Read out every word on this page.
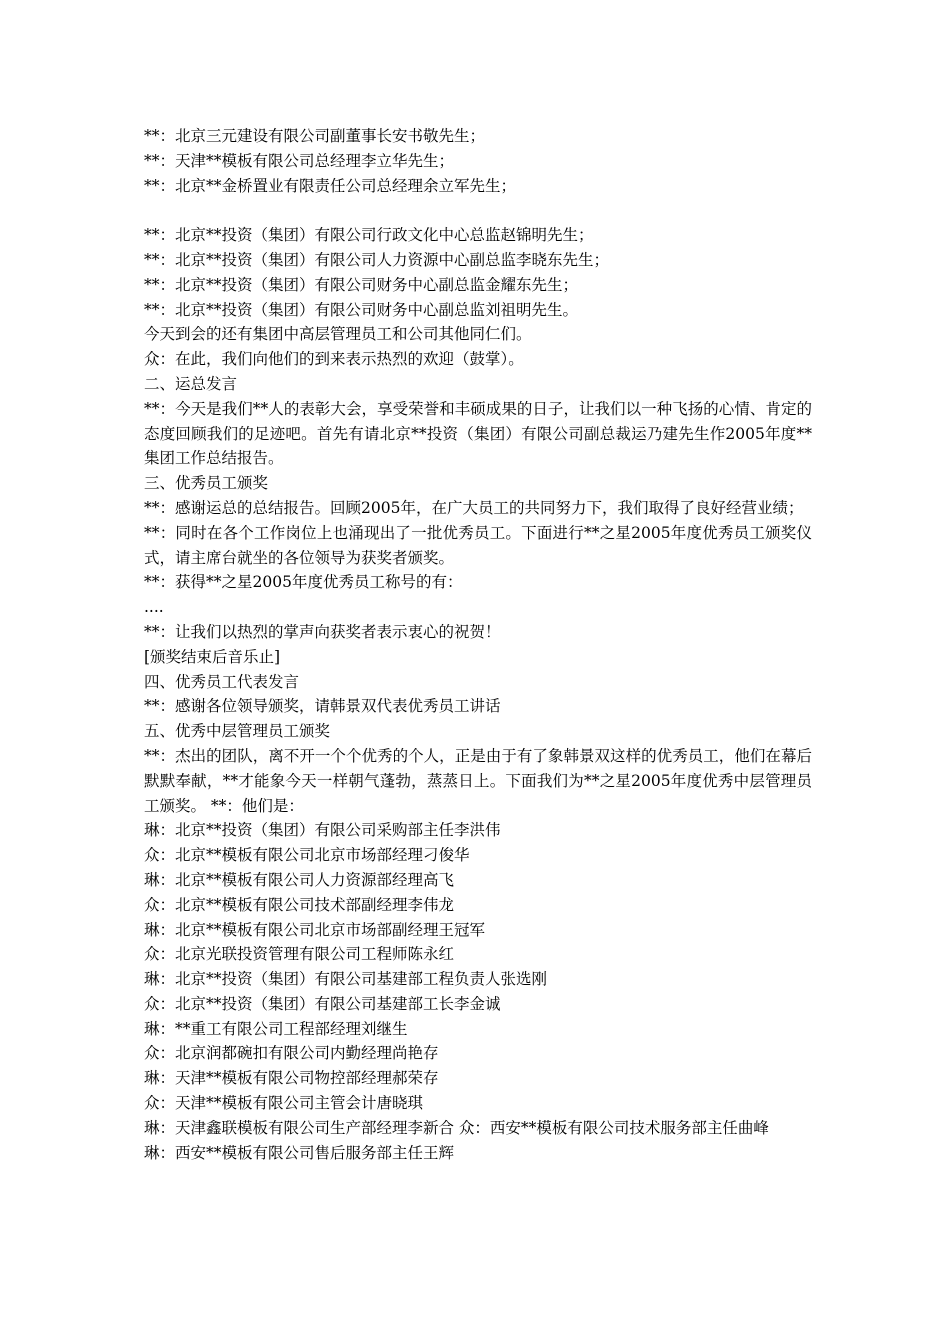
**：北京三元建设有限公司副董事长安书敬先生；

**：天津**模板有限公司总经理李立华先生；

**：北京**金桥置业有限责任公司总经理余立军先生；

**：北京**投资（集团）有限公司行政文化中心总监赵锦明先生；

**：北京**投资（集团）有限公司人力资源中心副总监李晓东先生；

**：北京**投资（集团）有限公司财务中心副总监金耀东先生；

**：北京**投资（集团）有限公司财务中心副总监刘祖明先生。

今天到会的还有集团中高层管理员工和公司其他同仁们。

众：在此，我们向他们的到来表示热烈的欢迎（鼓掌）。

二、运总发言

**：今天是我们**人的表彰大会，享受荣誉和丰硕成果的日子，让我们以一种飞扬的心情、肯定的态度回顾我们的足迹吧。首先有请北京**投资（集团）有限公司副总裁运乃建先生作2005年度**集团工作总结报告。

三、优秀员工颁奖

**：感谢运总的总结报告。回顾2005年，在广大员工的共同努力下，我们取得了良好经营业绩；

**：同时在各个工作岗位上也涌现出了一批优秀员工。下面进行**之星2005年度优秀员工颁奖仪式，请主席台就坐的各位领导为获奖者颁奖。

**：获得**之星2005年度优秀员工称号的有：

....

**：让我们以热烈的掌声向获奖者表示衷心的祝贺！

[颁奖结束后音乐止]

四、优秀员工代表发言

**：感谢各位领导颁奖，请韩景双代表优秀员工讲话

五、优秀中层管理员工颁奖

**：杰出的团队，离不开一个个优秀的个人，正是由于有了象韩景双这样的优秀员工，他们在幕后默默奉献，**才能象今天一样朝气蓬勃，蒸蒸日上。下面我们为**之星2005年度优秀中层管理员工颁奖。 **：他们是：

琳：北京**投资（集团）有限公司采购部主任李洪伟

众：北京**模板有限公司北京市场部经理刁俊华

琳：北京**模板有限公司人力资源部经理高飞

众：北京**模板有限公司技术部副经理李伟龙

琳：北京**模板有限公司北京市场部副经理王冠军

众：北京光联投资管理有限公司工程师陈永红

琳：北京**投资（集团）有限公司基建部工程负责人张选刚

众：北京**投资（集团）有限公司基建部工长李金诚

琳：**重工有限公司工程部经理刘继生

众：北京润都碗扣有限公司内勤经理尚艳存

琳：天津**模板有限公司物控部经理郝荣存

众：天津**模板有限公司主管会计唐晓琪

琳：天津鑫联模板有限公司生产部经理李新合 众：西安**模板有限公司技术服务部主任曲峰

琳：西安**模板有限公司售后服务部主任王辉
